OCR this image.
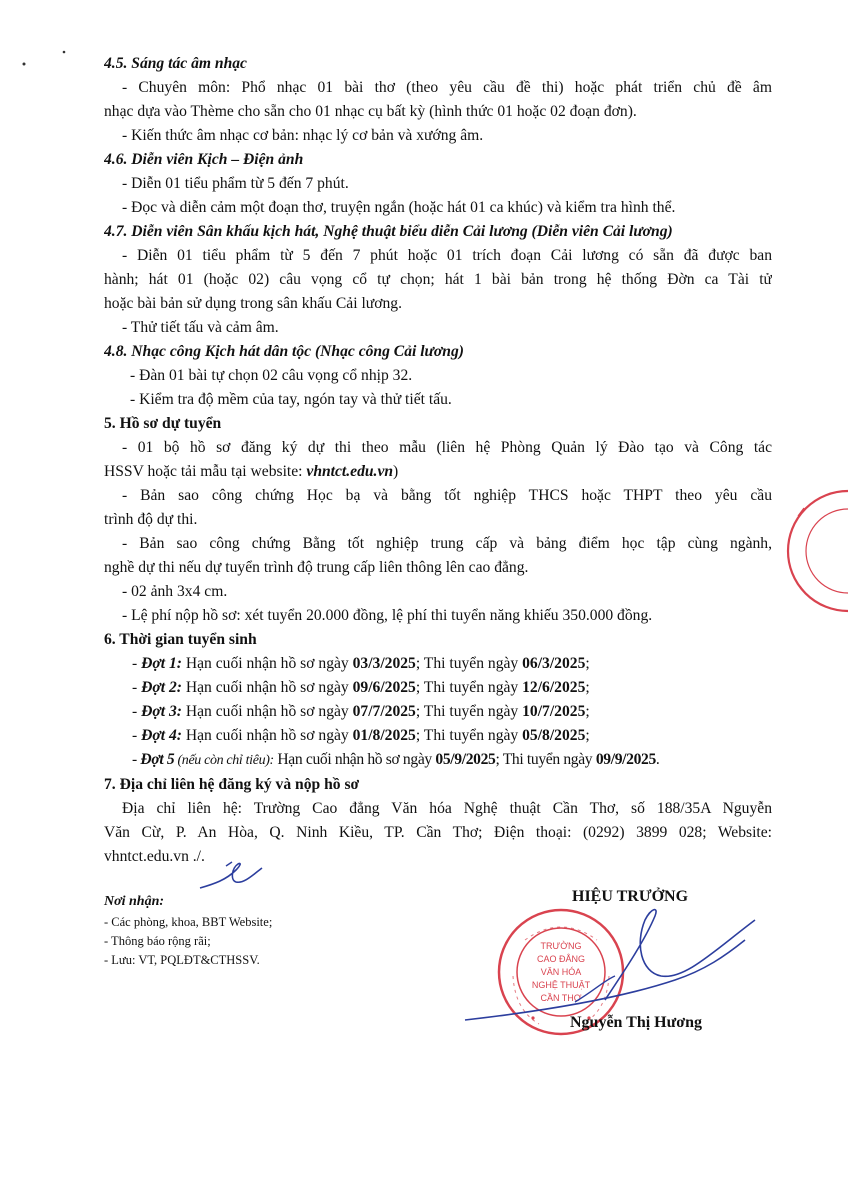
4.5. Sáng tác âm nhạc
- Chuyên môn: Phổ nhạc 01 bài thơ (theo yêu cầu đề thi) hoặc phát triển chủ đề âm
nhạc dựa vào Thème cho sẵn cho 01 nhạc cụ bất kỳ (hình thức 01 hoặc 02 đoạn đơn).
- Kiến thức âm nhạc cơ bản: nhạc lý cơ bản và xướng âm.
4.6. Diễn viên Kịch – Điện ảnh
- Diễn 01 tiểu phẩm từ 5 đến 7 phút.
- Đọc và diễn cảm một đoạn thơ, truyện ngắn (hoặc hát 01 ca khúc) và kiểm tra hình thể.
4.7. Diễn viên Sân khấu kịch hát, Nghệ thuật biểu diễn Cải lương (Diễn viên Cải lương)
- Diễn 01 tiểu phẩm từ 5 đến 7 phút hoặc 01 trích đoạn Cải lương có sẵn đã được ban
hành; hát 01 (hoặc 02) câu vọng cổ tự chọn; hát 1 bài bản trong hệ thống Đờn ca Tài tử
hoặc bài bản sử dụng trong sân khấu Cải lương.
- Thử tiết tấu và cảm âm.
4.8. Nhạc công Kịch hát dân tộc (Nhạc công Cải lương)
- Đàn 01 bài tự chọn 02 câu vọng cổ nhịp 32.
- Kiểm tra độ mềm của tay, ngón tay và thử tiết tấu.
5. Hồ sơ dự tuyển
- 01 bộ hồ sơ đăng ký dự thi theo mẫu (liên hệ Phòng Quản lý Đào tạo và Công tác
HSSV hoặc tải mẫu tại website: vhntct.edu.vn)
- Bản sao công chứng Học bạ và bằng tốt nghiệp THCS hoặc THPT theo yêu cầu
trình độ dự thi.
- Bản sao công chứng Bằng tốt nghiệp trung cấp và bảng điểm học tập cùng ngành,
nghề dự thi nếu dự tuyển trình độ trung cấp liên thông lên cao đẳng.
- 02 ảnh 3x4 cm.
- Lệ phí nộp hồ sơ: xét tuyển 20.000 đồng, lệ phí thi tuyển năng khiếu 350.000 đồng.
6. Thời gian tuyển sinh
- Đợt 1: Hạn cuối nhận hồ sơ ngày 03/3/2025; Thi tuyển ngày 06/3/2025;
- Đợt 2: Hạn cuối nhận hồ sơ ngày 09/6/2025; Thi tuyển ngày 12/6/2025;
- Đợt 3: Hạn cuối nhận hồ sơ ngày 07/7/2025; Thi tuyển ngày 10/7/2025;
- Đợt 4: Hạn cuối nhận hồ sơ ngày 01/8/2025; Thi tuyển ngày 05/8/2025;
- Đợt 5 (nếu còn chỉ tiêu): Hạn cuối nhận hồ sơ ngày 05/9/2025; Thi tuyển ngày 09/9/2025.
7. Địa chỉ liên hệ đăng ký và nộp hồ sơ
Địa chỉ liên hệ: Trường Cao đẳng Văn hóa Nghệ thuật Cần Thơ, số 188/35A Nguyễn
Văn Cừ, P. An Hòa, Q. Ninh Kiều, TP. Cần Thơ; Điện thoại: (0292) 3899 028; Website:
vhntct.edu.vn ./.
Nơi nhận:
- Các phòng, khoa, BBT Website;
- Thông báo rộng rãi;
- Lưu: VT, PQLĐT&CTHSSV.
HIỆU TRƯỞNG
TRƯỜNG
CAO ĐẲNG
VĂN HÓA
NGHỆ THUẬT
CẦN THƠ
Nguyễn Thị Hương
